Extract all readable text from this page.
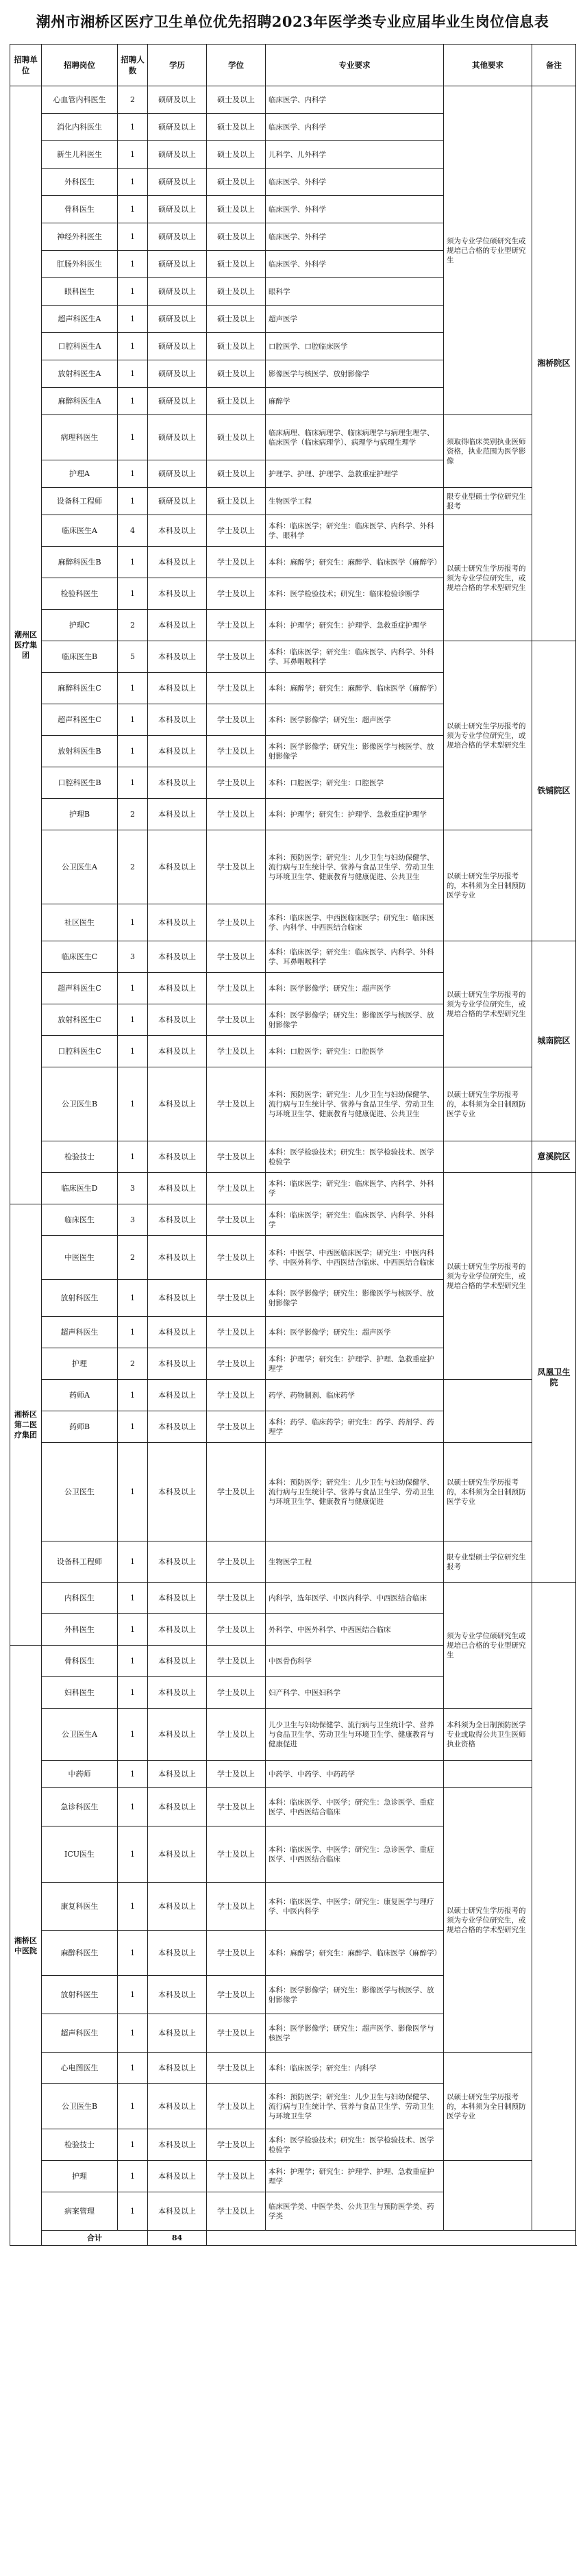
潮州市湘桥区医疗卫生单位优先招聘2023年医学类专业应届毕业生岗位信息表
招聘单位	招聘岗位	招聘人数	学历	学位	专业要求	其他要求	备注
潮州区医疗集团	心血管内科医生	2	硕研及以上	硕士及以上	临床医学、内科学	须为专业学位硕研究生或规培已合格的专业型研究生	湘桥院区
	消化内科医生	1	硕研及以上	硕士及以上	临床医学、内科学		
	新生儿科医生	1	硕研及以上	硕士及以上	儿科学、儿外科学		
	外科医生	1	硕研及以上	硕士及以上	临床医学、外科学		
	骨科医生	1	硕研及以上	硕士及以上	临床医学、外科学		
	神经外科医生	1	硕研及以上	硕士及以上	临床医学、外科学		
	肛肠外科医生	1	硕研及以上	硕士及以上	临床医学、外科学		
	眼科医生	1	硕研及以上	硕士及以上	眼科学		
	超声科医生A	1	硕研及以上	硕士及以上	超声医学		
	口腔科医生A	1	硕研及以上	硕士及以上	口腔医学、口腔临床医学		
	放射科医生A	1	硕研及以上	硕士及以上	影像医学与核医学、放射影像学		
	麻醉科医生A	1	硕研及以上	硕士及以上	麻醉学		
	病理科医生	1	硕研及以上	硕士及以上	临床病理、临床病理学、临床病理学与病理生理学、临床医学（临床病理学）、病理学与病理生理学	须取得临床类别执业医师资格，执业范围为医学影像	
	护理A	1	硕研及以上	硕士及以上	护理学、护理、护理学、急救重症护理学		
	设备科工程师	1	硕研及以上	硕士及以上	生物医学工程	限专业型硕士学位研究生报考	
	临床医生A	4	本科及以上	学士及以上	本科：临床医学；研究生：临床医学、内科学、外科学、眼科学	以硕士研究生学历报考的须为专业学位研究生，或规培合格的学术型研究生	
	麻醉科医生B	1	本科及以上	学士及以上	本科：麻醉学；研究生：麻醉学、临床医学（麻醉学）		
	检验科医生	1	本科及以上	学士及以上	本科：医学检验技术；研究生：临床检验诊断学		
	护理C	2	本科及以上	学士及以上	本科：护理学；研究生：护理学、急救重症护理学		
	临床医生B	5	本科及以上	学士及以上	本科：临床医学；研究生：临床医学、内科学、外科学、耳鼻咽喉科学	以硕士研究生学历报考的须为专业学位研究生，或规培合格的学术型研究生	铁铺院区
	麻醉科医生C	1	本科及以上	学士及以上	本科：麻醉学；研究生：麻醉学、临床医学（麻醉学）		
	超声科医生C	1	本科及以上	学士及以上	本科：医学影像学；研究生：超声医学		
	放射科医生B	1	本科及以上	学士及以上	本科：医学影像学；研究生：影像医学与核医学、放射影像学		
	口腔科医生B	1	本科及以上	学士及以上	本科：口腔医学；研究生：口腔医学		
	护理B	2	本科及以上	学士及以上	本科：护理学；研究生：护理学、急救重症护理学		
	公卫医生A	2	本科及以上	学士及以上	本科：预防医学；研究生：儿少卫生与妇幼保健学、流行病与卫生统计学、营养与食品卫生学、劳动卫生与环境卫生学、健康教育与健康促进、公共卫生	以硕士研究生学历报考的，本科须为全日制预防医学专业	
	社区医生	1	本科及以上	学士及以上	本科：临床医学、中西医临床医学；研究生：临床医学、内科学、中西医结合临床		
	临床医生C	3	本科及以上	学士及以上	本科：临床医学；研究生：临床医学、内科学、外科学、耳鼻咽喉科学	以硕士研究生学历报考的须为专业学位研究生，或规培合格的学术型研究生	城南院区
	超声科医生C	1	本科及以上	学士及以上	本科：医学影像学；研究生：超声医学		
	放射科医生C	1	本科及以上	学士及以上	本科：医学影像学；研究生：影像医学与核医学、放射影像学		
	口腔科医生C	1	本科及以上	学士及以上	本科：口腔医学；研究生：口腔医学		
	公卫医生B	1	本科及以上	学士及以上	本科：预防医学；研究生：儿少卫生与妇幼保健学、流行病与卫生统计学、营养与食品卫生学、劳动卫生与环境卫生学、健康教育与健康促进、公共卫生	以硕士研究生学历报考的，本科须为全日制预防医学专业	
	检验技士	1	本科及以上	学士及以上	本科：医学检验技术；研究生：医学检验技术、医学检验学		意溪院区
	临床医生D	3	本科及以上	学士及以上	本科：临床医学；研究生：临床医学、内科学、外科学	以硕士研究生学历报考的须为专业学位研究生，或规培合格的学术型研究生	凤凰卫生院
湘桥区第二医疗集团	临床医生	3	本科及以上	学士及以上	本科：临床医学；研究生：临床医学、内科学、外科学		
	中医医生	2	本科及以上	学士及以上	本科：中医学、中西医临床医学；研究生：中医内科学、中医外科学、中西医结合临床、中西医结合临床		
	放射科医生	1	本科及以上	学士及以上	本科：医学影像学；研究生：影像医学与核医学、放射影像学		
	超声科医生	1	本科及以上	学士及以上	本科：医学影像学；研究生：超声医学		
	护理	2	本科及以上	学士及以上	本科：护理学；研究生：护理学、护理、急救重症护理学		
	药师A	1	本科及以上	学士及以上	药学、药物制剂、临床药学		
	药师B	1	本科及以上	学士及以上	本科：药学、临床药学；研究生：药学、药剂学、药理学		
	公卫医生	1	本科及以上	学士及以上	本科：预防医学；研究生：儿少卫生与妇幼保健学、流行病与卫生统计学、营养与食品卫生学、劳动卫生与环境卫生学、健康教育与健康促进	以硕士研究生学历报考的，本科须为全日制预防医学专业	
	设备科工程师	1	本科及以上	学士及以上	生物医学工程	限专业型硕士学位研究生报考	
	内科医生	1	本科及以上	学士及以上	内科学，选年医学、中医内科学、中西医结合临床	须为专业学位硕研究生或规培已合格的专业型研究生	
	外科医生	1	本科及以上	学士及以上	外科学、中医外科学、中西医结合临床		
湘桥区中医院	骨科医生	1	本科及以上	学士及以上	中医骨伤科学		
	妇科医生	1	本科及以上	学士及以上	妇产科学、中医妇科学		
	公卫医生A	1	本科及以上	学士及以上	儿少卫生与妇幼保健学、流行病与卫生统计学、营养与食品卫生学、劳动卫生与环境卫生学、健康教育与健康促进	本科须为全日制预防医学专业或取得公共卫生医师执业资格	
	中药师	1	本科及以上	学士及以上	中药学、中药学、中药药学		
	急诊科医生	1	本科及以上	学士及以上	本科：临床医学、中医学；研究生：急诊医学、重症医学、中西医结合临床	以硕士研究生学历报考的须为专业学位研究生，或规培合格的学术型研究生	
	ICU医生	1	本科及以上	学士及以上	本科：临床医学、中医学；研究生：急诊医学、重症医学、中西医结合临床		
	康复科医生	1	本科及以上	学士及以上	本科：临床医学、中医学；研究生：康复医学与理疗学、中医内科学		
	麻醉科医生	1	本科及以上	学士及以上	本科：麻醉学；研究生：麻醉学、临床医学（麻醉学）		
	放射科医生	1	本科及以上	学士及以上	本科：医学影像学；研究生：影像医学与核医学、放射影像学		
	超声科医生	1	本科及以上	学士及以上	本科：医学影像学；研究生：超声医学、影像医学与核医学		
	心电图医生	1	本科及以上	学士及以上	本科：临床医学；研究生：内科学	以硕士研究生学历报考的，本科须为全日制预防医学专业	
	公卫医生B	1	本科及以上	学士及以上	本科：预防医学；研究生：儿少卫生与妇幼保健学、流行病与卫生统计学、营养与食品卫生学、劳动卫生与环境卫生学		
	检验技士	1	本科及以上	学士及以上	本科：医学检验技术；研究生：医学检验技术、医学检验学		
	护理	1	本科及以上	学士及以上	本科：护理学；研究生：护理学、护理、急救重症护理学		
	病案管理	1	本科及以上	学士及以上	临床医学类、中医学类、公共卫生与预防医学类、药学类		
	合计		84				
